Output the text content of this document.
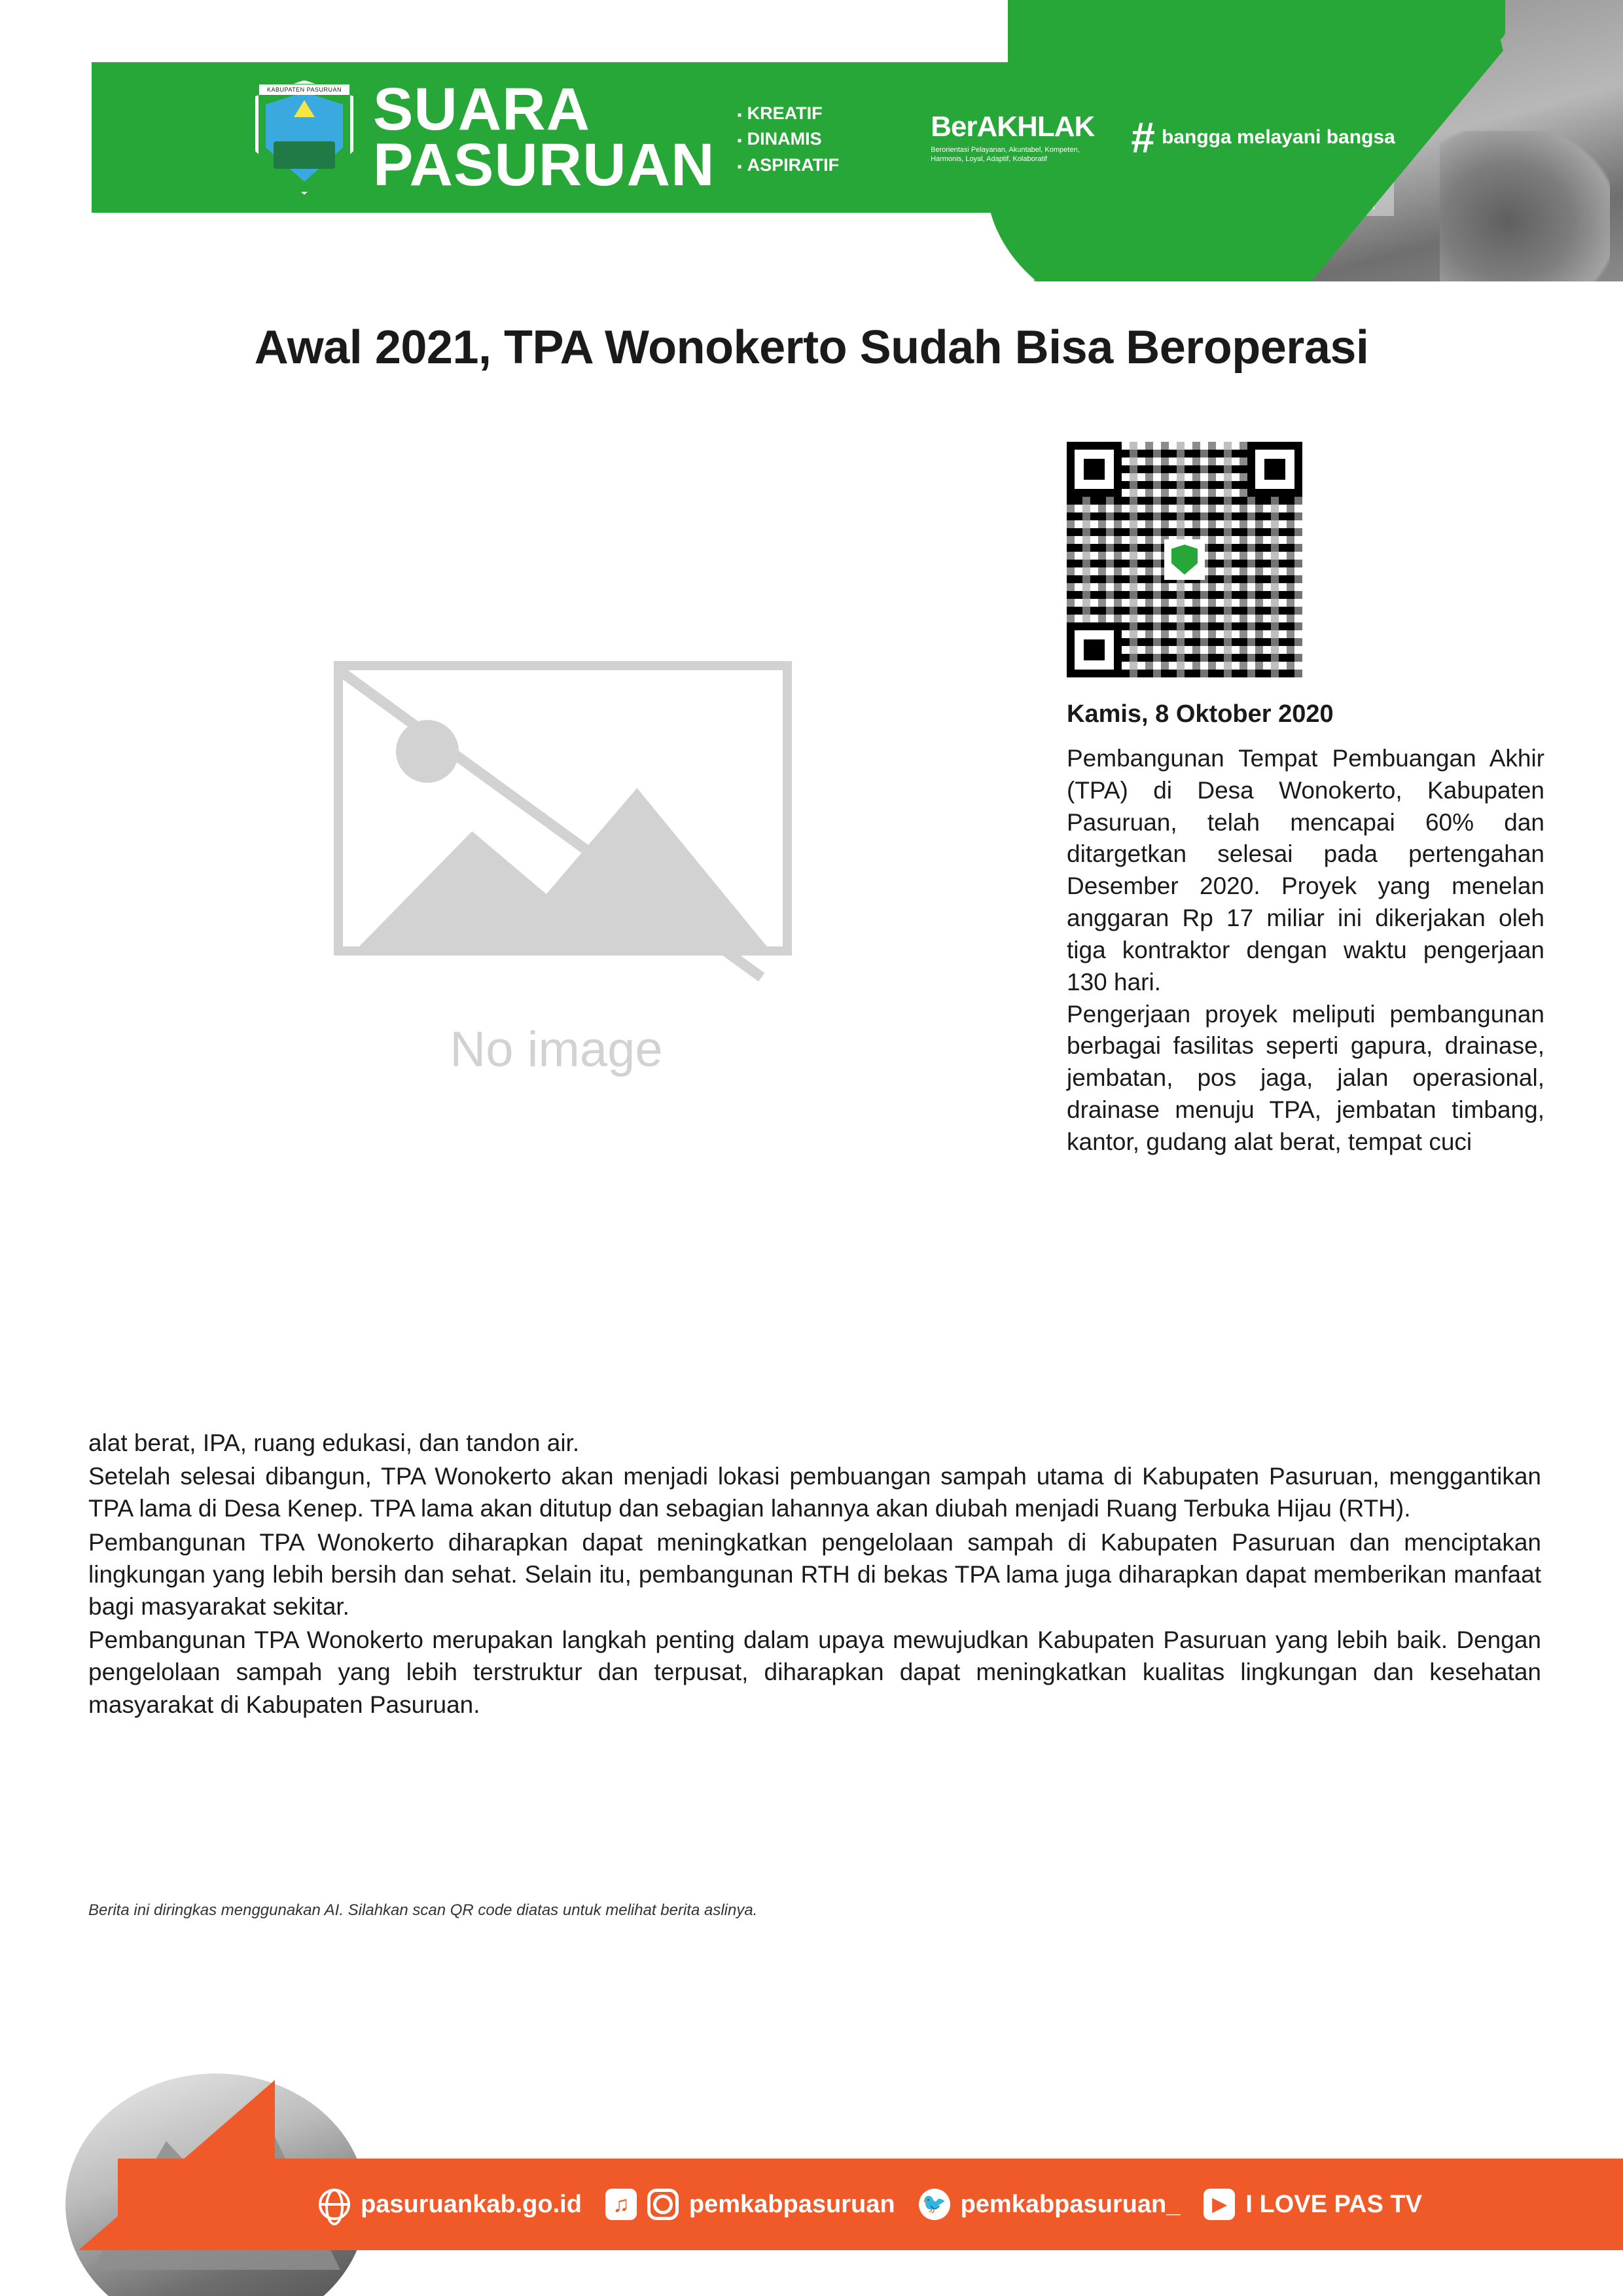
KABUPATEN PASURUAN SUARA
PASURUAN
▪ KREATIF
▪ DINAMIS
▪ ASPIRATIF
BerAKHLAK
Berorientasi Pelayanan, Akuntabel, Kompeten, Harmonis, Loyal, Adaptif, Kolaboratif	# bangga melayani bangsa
Awal 2021, TPA Wonokerto Sudah Bisa Beroperasi
No image
Kamis, 8 Oktober 2020

Pembangunan Tempat Pembuangan Akhir (TPA) di Desa Wonokerto, Kabupaten Pasuruan, telah mencapai 60% dan ditargetkan selesai pada pertengahan Desember 2020. Proyek yang menelan anggaran Rp 17 miliar ini dikerjakan oleh tiga kontraktor dengan waktu pengerjaan 130 hari.

Pengerjaan proyek meliputi pembangunan berbagai fasilitas seperti gapura, drainase, jembatan, pos jaga, jalan operasional, drainase menuju TPA, jembatan timbang, kantor, gudang alat berat, tempat cuci

alat berat, IPA, ruang edukasi, dan tandon air.

Setelah selesai dibangun, TPA Wonokerto akan menjadi lokasi pembuangan sampah utama di Kabupaten Pasuruan, menggantikan TPA lama di Desa Kenep. TPA lama akan ditutup dan sebagian lahannya akan diubah menjadi Ruang Terbuka Hijau (RTH).

Pembangunan TPA Wonokerto diharapkan dapat meningkatkan pengelolaan sampah di Kabupaten Pasuruan dan menciptakan lingkungan yang lebih bersih dan sehat. Selain itu, pembangunan RTH di bekas TPA lama juga diharapkan dapat memberikan manfaat bagi masyarakat sekitar.

Pembangunan TPA Wonokerto merupakan langkah penting dalam upaya mewujudkan Kabupaten Pasuruan yang lebih baik. Dengan pengelolaan sampah yang lebih terstruktur dan terpusat, diharapkan dapat meningkatkan kualitas lingkungan dan kesehatan masyarakat di Kabupaten Pasuruan.

Berita ini diringkas menggunakan AI. Silahkan scan QR code diatas untuk melihat berita aslinya.
pasuruankab.go.id	♫ pemkabpasuruan 🐦 pemkabpasuruan_	▶ I LOVE PAS TV
